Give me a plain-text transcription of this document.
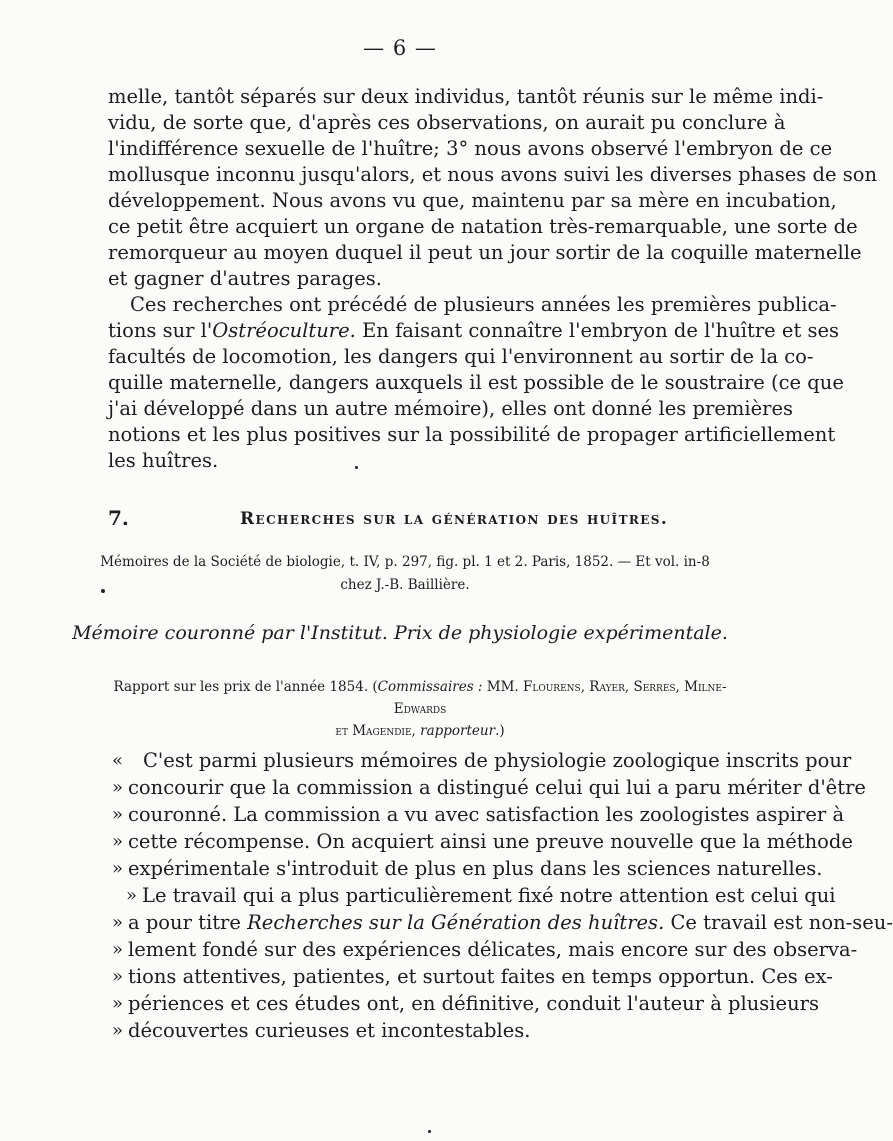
— 6 —
melle, tantôt séparés sur deux individus, tantôt réunis sur le même indi-
vidu, de sorte que, d'après ces observations, on aurait pu conclure à
l'indifférence sexuelle de l'huître; 3° nous avons observé l'embryon de ce
mollusque inconnu jusqu'alors, et nous avons suivi les diverses phases de son
développement. Nous avons vu que, maintenu par sa mère en incubation,
ce petit être acquiert un organe de natation très-remarquable, une sorte de
remorqueur au moyen duquel il peut un jour sortir de la coquille maternelle
et gagner d'autres parages.
Ces recherches ont précédé de plusieurs années les premières publica-
tions sur l'Ostréoculture. En faisant connaître l'embryon de l'huître et ses
facultés de locomotion, les dangers qui l'environnent au sortir de la co-
quille maternelle, dangers auxquels il est possible de le soustraire (ce que
j'ai développé dans un autre mémoire), elles ont donné les premières
notions et les plus positives sur la possibilité de propager artificiellement
les huîtres.
7.	Recherches sur la génération des huîtres.
Mémoires de la Société de biologie, t. IV, p. 297, fig. pl. 1 et 2. Paris, 1852. — Et vol. in-8
chez J.-B. Baillière.
Mémoire couronné par l'Institut. Prix de physiologie expérimentale.
Rapport sur les prix de l'année 1854. (Commissaires : MM. Flourens, Rayer, Serres, Milne-Edwards
et Magendie, rapporteur.)
« C'est parmi plusieurs mémoires de physiologie zoologique inscrits pour
» concourir que la commission a distingué celui qui lui a paru mériter d'être
» couronné. La commission a vu avec satisfaction les zoologistes aspirer à
» cette récompense. On acquiert ainsi une preuve nouvelle que la méthode
» expérimentale s'introduit de plus en plus dans les sciences naturelles.
» Le travail qui a plus particulièrement fixé notre attention est celui qui
» a pour titre Recherches sur la Génération des huîtres. Ce travail est non-seu-
» lement fondé sur des expériences délicates, mais encore sur des observa-
» tions attentives, patientes, et surtout faites en temps opportun. Ces ex-
» périences et ces études ont, en définitive, conduit l'auteur à plusieurs
» découvertes curieuses et incontestables.
